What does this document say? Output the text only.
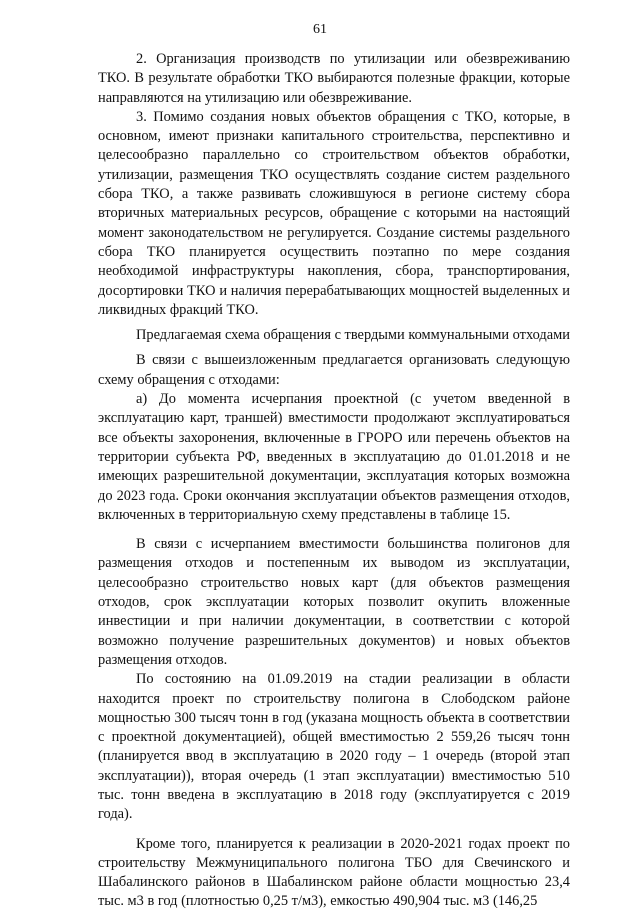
61

2. Организация производств по утилизации или обезвреживанию ТКО. В результате обработки ТКО выбираются полезные фракции, которые направляются на утилизацию или обезвреживание.

3. Помимо создания новых объектов обращения с ТКО, которые, в основном, имеют признаки капитального строительства, перспективно и целесообразно параллельно со строительством объектов обработки, утилизации, размещения ТКО осуществлять создание систем раздельного сбора ТКО, а также развивать сложившуюся в регионе систему сбора вторичных материальных ресурсов, обращение с которыми на настоящий момент законодательством не регулируется. Создание системы раздельного сбора ТКО планируется осуществить поэтапно по мере создания необходимой инфраструктуры накопления, сбора, транспортирования, досортировки ТКО и наличия перерабатывающих мощностей выделенных и ликвидных фракций ТКО.

Предлагаемая схема обращения с твердыми коммунальными отходами

В связи с вышеизложенным предлагается организовать следующую схему обращения с отходами:

а) До момента исчерпания проектной (с учетом введенной в эксплуатацию карт, траншей) вместимости продолжают эксплуатироваться все объекты захоронения, включенные в ГРОРО или перечень объектов на территории субъекта РФ, введенных в эксплуатацию до 01.01.2018 и не имеющих разрешительной документации, эксплуатация которых возможна до 2023 года. Сроки окончания эксплуатации объектов размещения отходов, включенных в территориальную схему представлены в таблице 15.

В связи с исчерпанием вместимости большинства полигонов для размещения отходов и постепенным их выводом из эксплуатации, целесообразно строительство новых карт (для объектов размещения отходов, срок эксплуатации которых позволит окупить вложенные инвестиции и при наличии документации, в соответствии с которой возможно получение разрешительных документов) и новых объектов размещения отходов.

По состоянию на 01.09.2019 на стадии реализации в области находится проект по строительству полигона в Слободском районе мощностью 300 тысяч тонн в год (указана мощность объекта в соответствии с проектной документацией), общей вместимостью 2 559,26 тысяч тонн (планируется ввод в эксплуатацию в 2020 году – 1 очередь (второй этап эксплуатации)), вторая очередь (1 этап эксплуатации) вместимостью 510 тыс. тонн введена в эксплуатацию в 2018 году (эксплуатируется с 2019 года).

Кроме того, планируется к реализации в 2020-2021 годах проект по строительству Межмуниципального полигона ТБО для Свечинского и Шабалинского районов в Шабалинском районе области мощностью 23,4 тыс. м3 в год (плотностью 0,25 т/м3), емкостью 490,904 тыс. м3 (146,25
